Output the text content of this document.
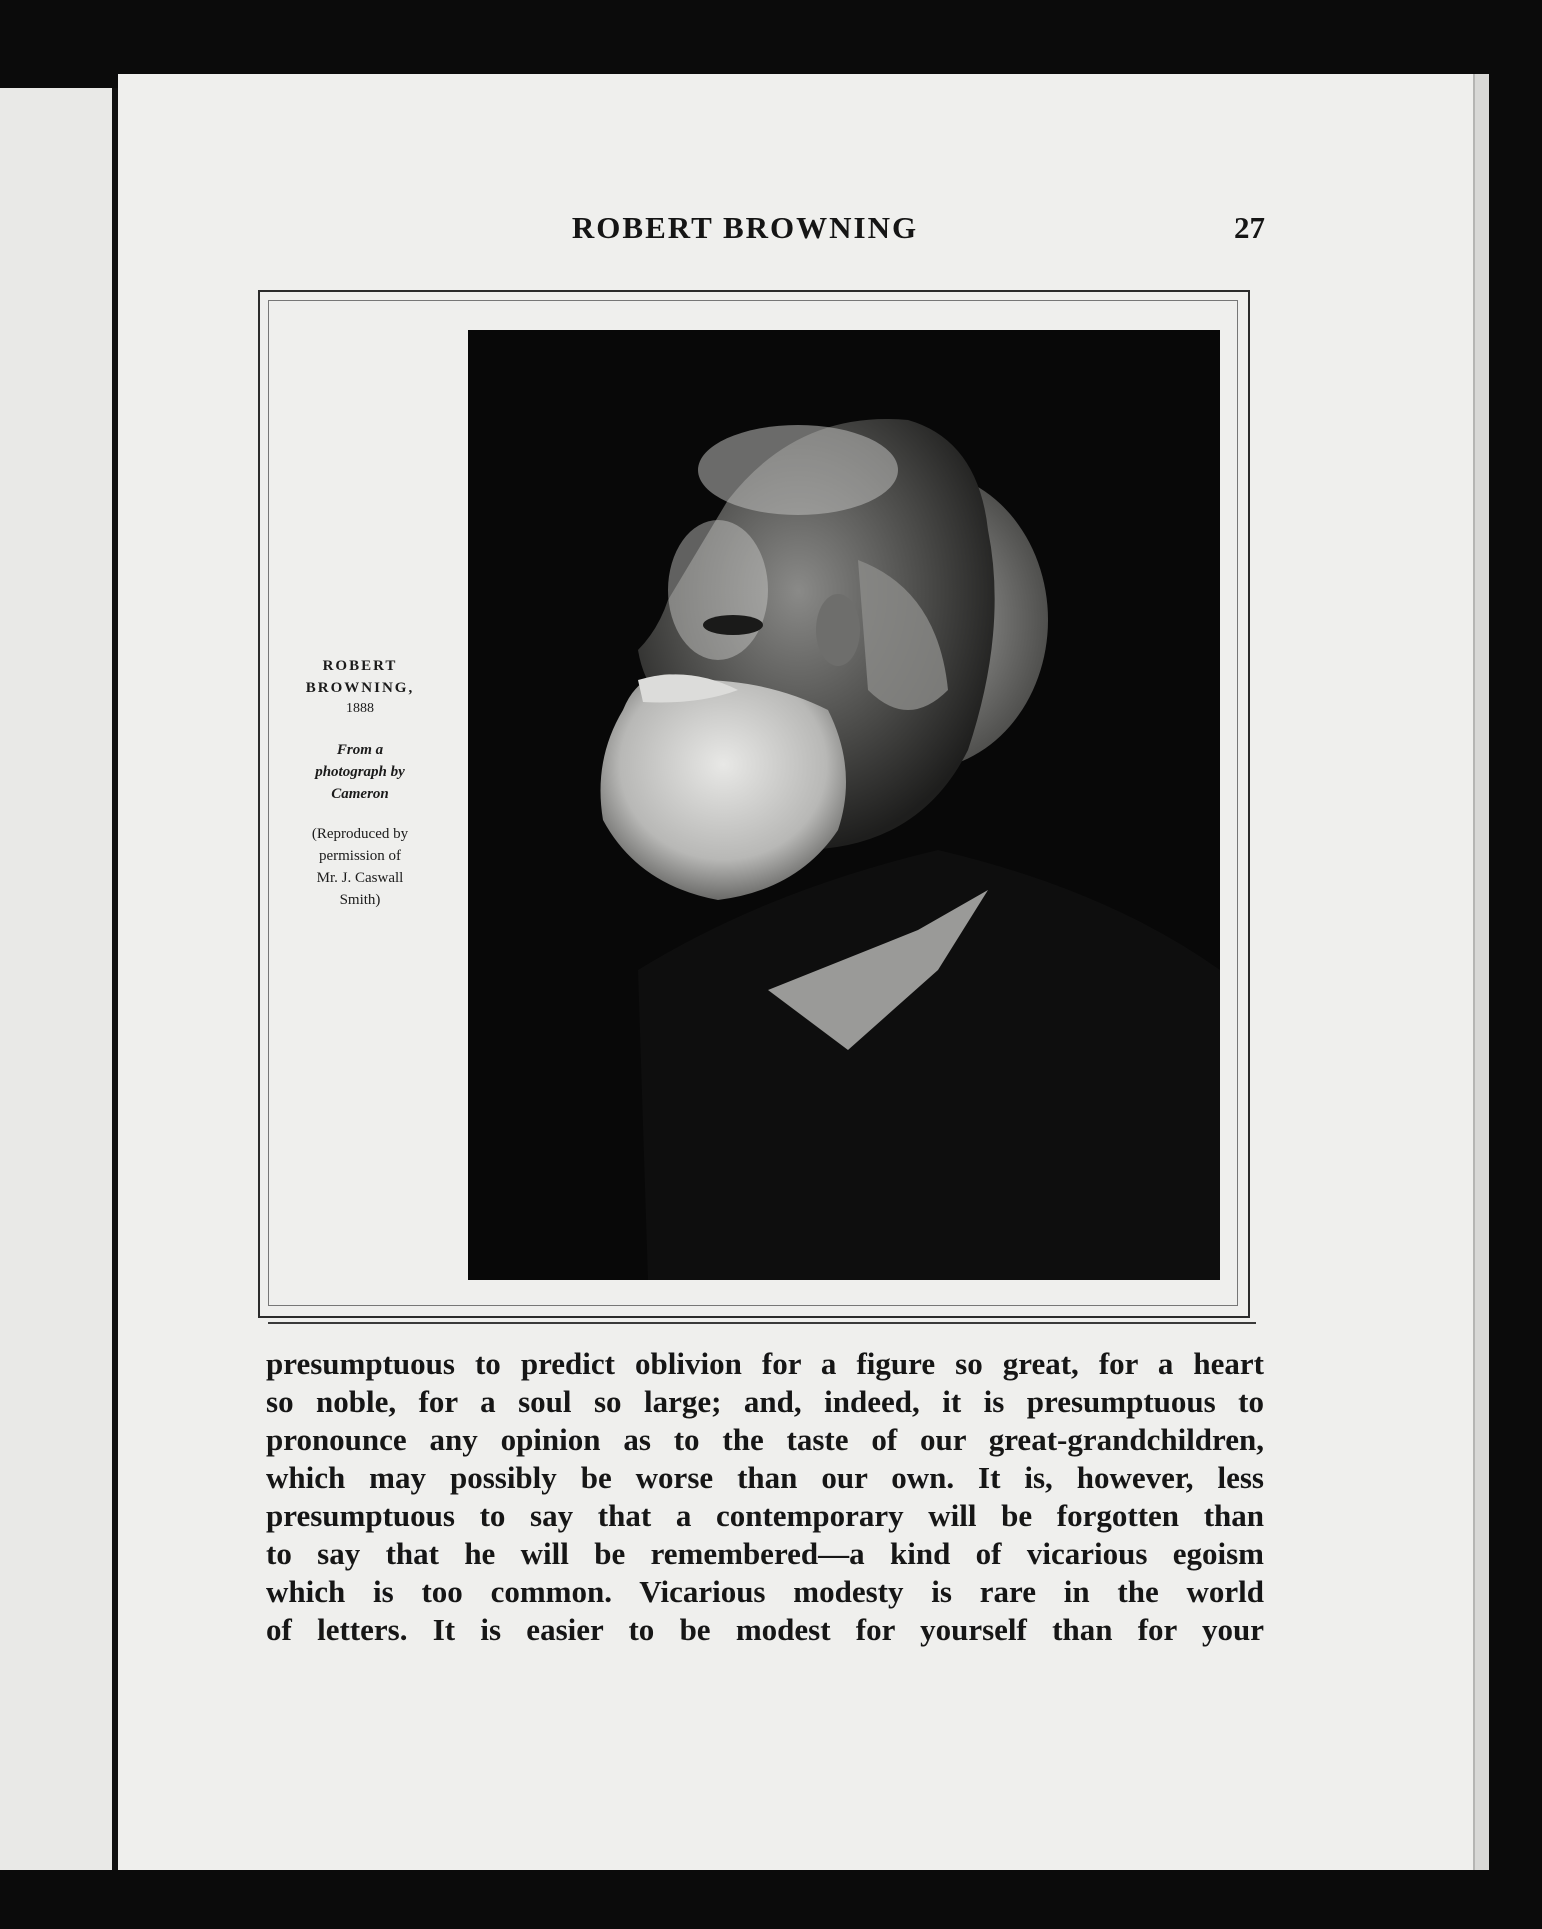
ROBERT BROWNING	27
ROBERT
BROWNING,
1888
From a
photograph by
Cameron
(Reproduced by
permission of
Mr. J. Caswall
Smith)
presumptuous to predict oblivion for a figure so great, for a heart
so noble, for a soul so large; and, indeed, it is presumptuous to
pronounce any opinion as to the taste of our great-grandchildren,
which may possibly be worse than our own. It is, however, less
presumptuous to say that a contemporary will be forgotten than
to say that he will be remembered—a kind of vicarious egoism
which is too common. Vicarious modesty is rare in the world
of letters. It is easier to be modest for yourself than for your
